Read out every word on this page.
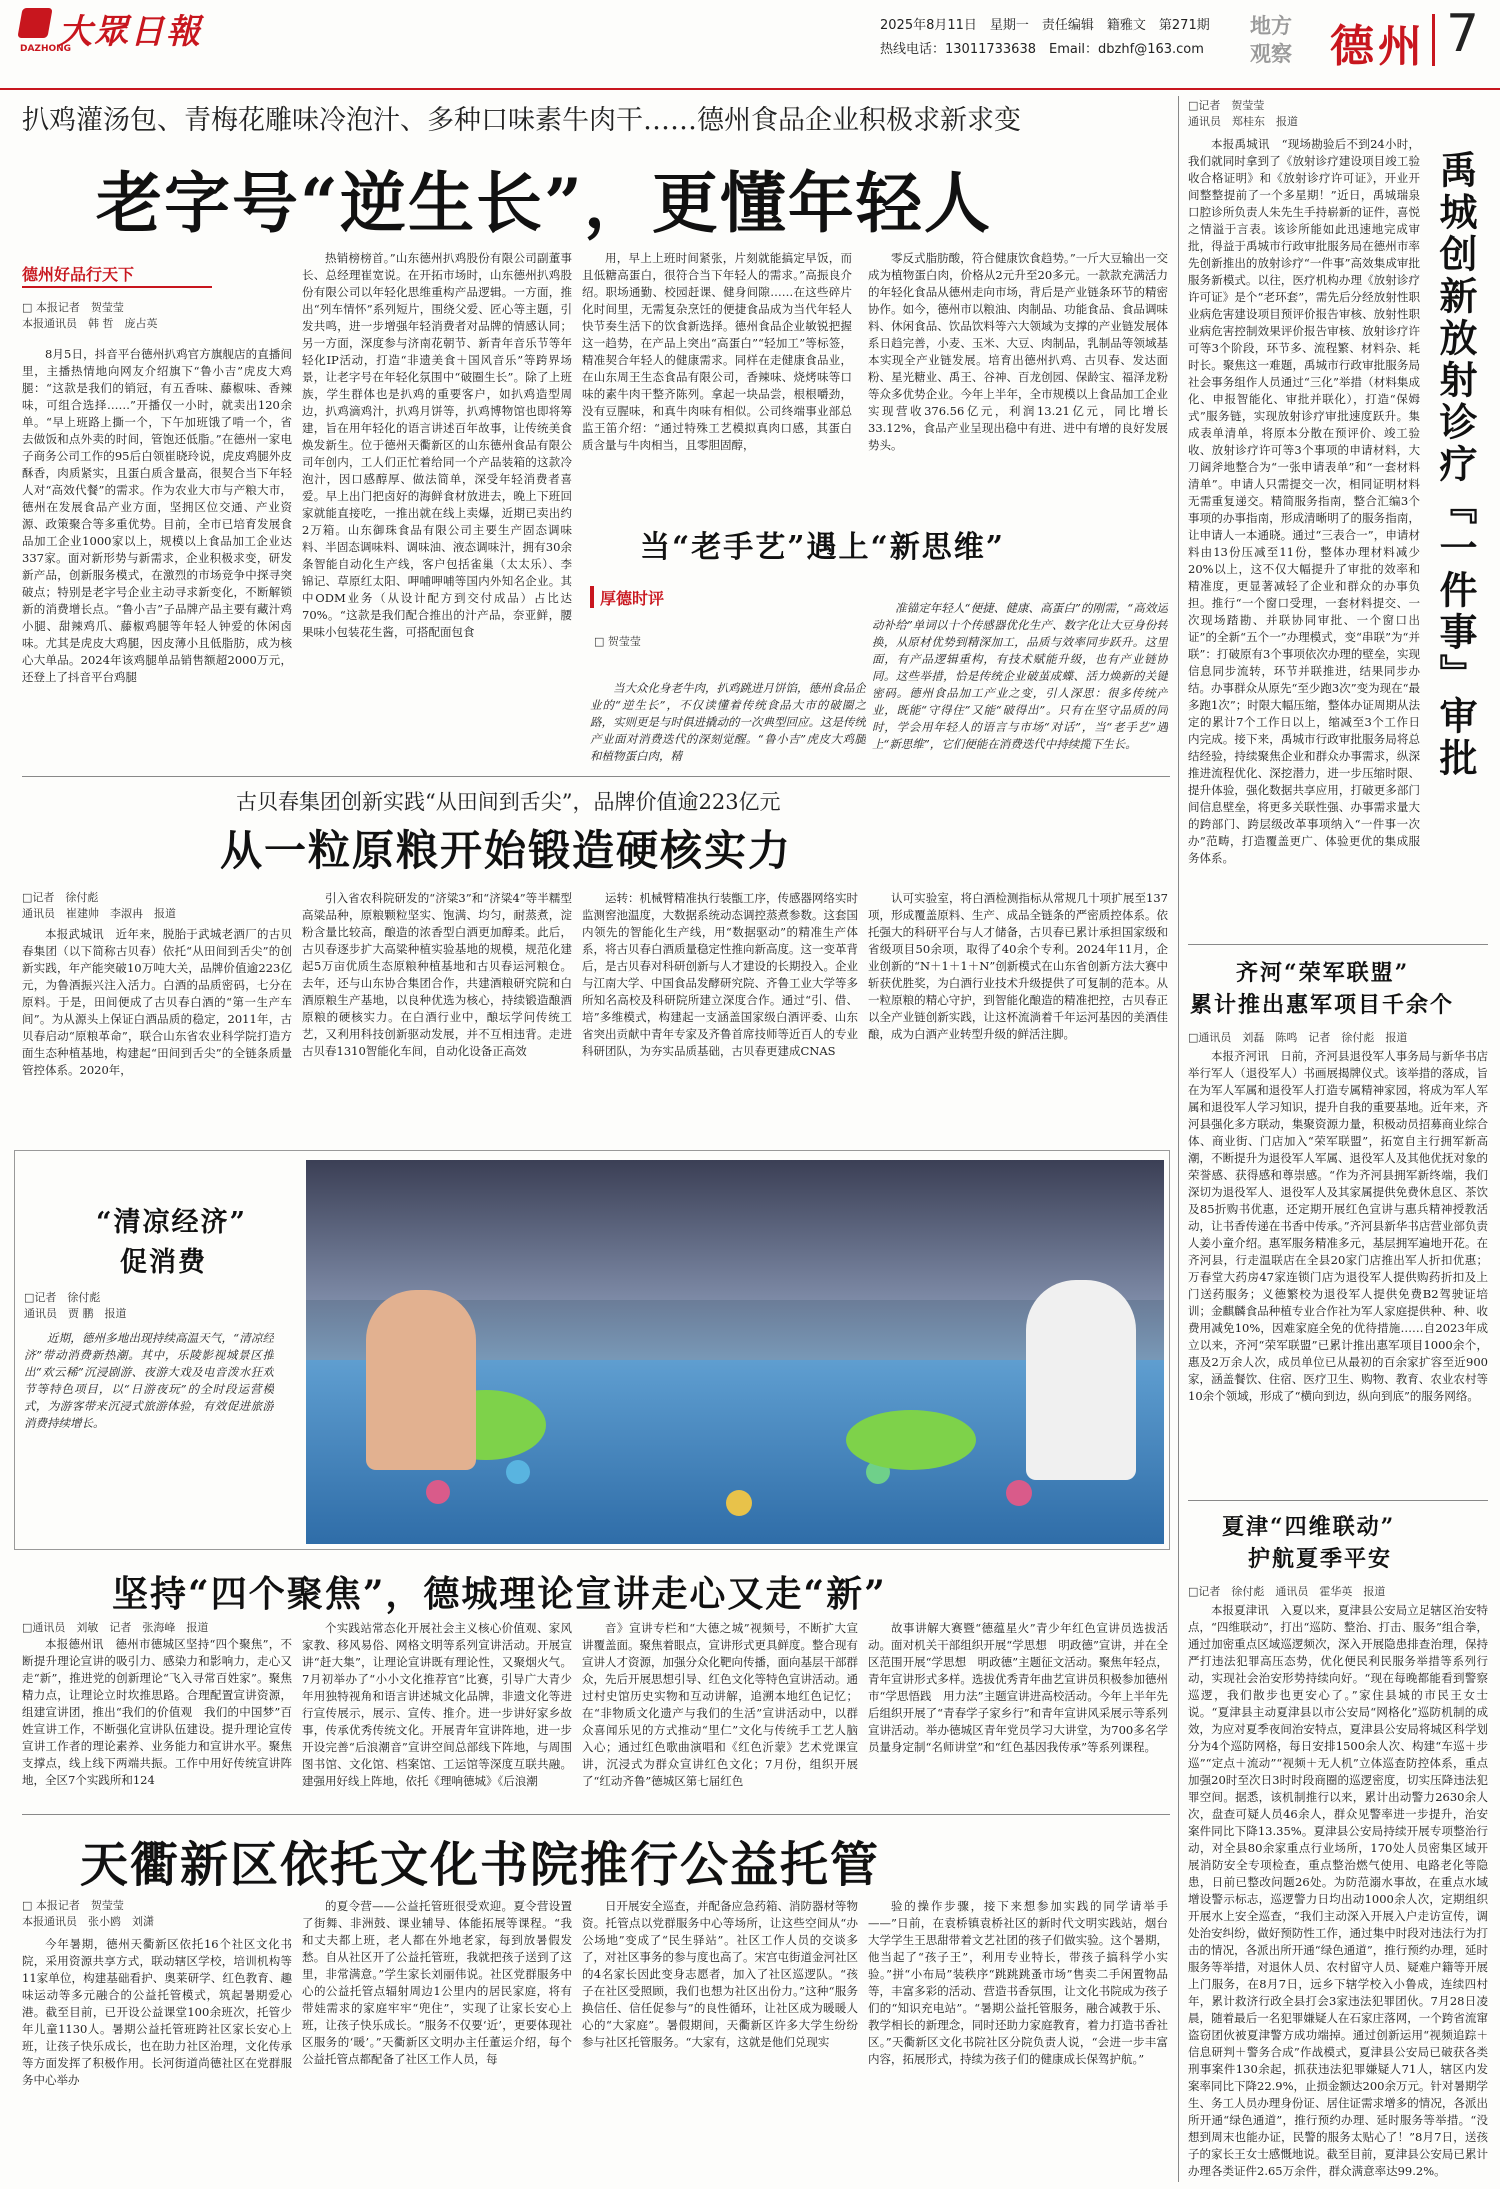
大眾日報
DAZHONG
2025年8月11日　星期一　责任编辑　籍雅文　第271期
热线电话：13011733638　Email：dbzhf@163.com
地方
观察 德州 7
扒鸡灌汤包、青梅花雕味冷泡汁、多种口味素牛肉干……德州食品企业积极求新求变
老字号“逆生长”，更懂年轻人
德州好品行天下
□ 本报记者　贺莹莹
本报通讯员　韩 哲　庞占英

8月5日，抖音平台德州扒鸡官方旗舰店的直播间里，主播热情地向网友介绍旗下“鲁小吉”虎皮大鸡腿：“这款是我们的销冠，有五香味、藤椒味、香辣味，可组合选择……”开播仅一小时，就卖出120余单。“早上班路上撕一个，下午加班饿了啃一个，省去做饭和点外卖的时间，管饱还低脂。”在德州一家电子商务公司工作的95后白领崔晓玲说，虎皮鸡腿外皮酥香，肉质紧实，且蛋白质含量高，很契合当下年轻人对“高效代餐”的需求。作为农业大市与产粮大市，德州在发展食品产业方面，坚拥区位交通、产业资源、政策聚合等多重优势。目前，全市已培育发展食品加工企业1000家以上，规模以上食品加工企业达337家。面对新形势与新需求，企业积极求变，研发新产品，创新服务模式，在激烈的市场竞争中探寻突破点；特别是老字号企业主动寻求新变化，不断解锁新的消费增长点。“鲁小吉”子品牌产品主要有藏汁鸡小腿、甜辣鸡爪、藤椒鸡腿等年轻人钟爱的休闲卤味。尤其是虎皮大鸡腿，因皮薄小且低脂肪，成为核心大单品。2024年该鸡腿单品销售额超2000万元，还登上了抖音平台鸡腿

热销榜榜首。”山东德州扒鸡股份有限公司副董事长、总经理崔宽说。在开拓市场时，山东德州扒鸡股份有限公司以年轻化思维重构产品逻辑。一方面，推出“列车情怀”系列短片，围绕父爱、匠心等主题，引发共鸣，进一步增强年轻消费者对品牌的情感认同；另一方面，深度参与济南花朝节、新青年音乐节等年轻化IP活动，打造“非遗美食＋国风音乐”等跨界场景，让老字号在年轻化氛围中“破圈生长”。除了上班族，学生群体也是扒鸡的重要客户，如扒鸡造型周边，扒鸡滴鸡汁，扒鸡月饼等，扒鸡博物馆也即将筹建，旨在用年轻化的语言讲述百年故事，让传统美食焕发新生。位于德州天衢新区的山东德州食品有限公司年创内，工人们正忙着给同一个产品装箱的这款冷泡汁，因口感醇厚、做法简单，深受年轻消费者喜爱。早上出门把卤好的海鲜食材放进去，晚上下班回家就能直接吃，一推出就在线上卖爆，近期已卖出约2万箱。山东御珠食品有限公司主要生产固态调味料、半固态调味料、调味油、液态调味汁，拥有30余条智能自动化生产线，客户包括雀巢（太太乐）、李锦记、草原红太阳、呷哺呷哺等国内外知名企业。其中ODM业务（从设计配方到交付成品）占比达70%。“这款是我们配合推出的汁产品，奈亚鲜，腰果味小包装花生酱，可搭配面包食

用，早上上班时间紧张，片刻就能搞定早饭，而且低糖高蛋白，很符合当下年轻人的需求。”高振良介绍。职场通勤、校园赶课、健身间隙……在这些碎片化时间里，无需复杂烹饪的便捷食品成为当代年轻人快节奏生活下的饮食新选择。德州食品企业敏锐把握这一趋势，在产品上突出“高蛋白”“轻加工”等标签，精准契合年轻人的健康需求。同样在走健康食品业，在山东周王生态食品有限公司，香辣味、烧烤味等口味的素牛肉干整齐陈列。拿起一块品尝，根根嚼劲，没有豆腥味，和真牛肉味有相似。公司终端事业部总监王笛介绍：“通过特殊工艺模拟真肉口感，其蛋白质含量与牛肉相当，且零胆固醇，

零反式脂肪酸，符合健康饮食趋势。”一斤大豆输出一交成为植物蛋白肉，价格从2元升至20多元。一款款充满活力的年轻化食品从德州走向市场，背后是产业链条环节的精密协作。如今，德州市以粮油、肉制品、功能食品、食品调味料、休闲食品、饮品饮料等六大领域为支撑的产业链发展体系日趋完善，小麦、玉米、大豆、肉制品，乳制品等领域基本实现全产业链发展。培育出德州扒鸡、古贝春、发达面粉、星光糖业、禹王、谷神、百龙创园、保龄宝、福泽龙粉等众多优势企业。今年上半年，全市规模以上食品加工企业实现营收376.56亿元，利润13.21亿元，同比增长33.12%，食品产业呈现出稳中有进、进中有增的良好发展势头。

当“老手艺”遇上“新思维”
厚德时评
□ 贺莹莹

当大众化身老牛肉，扒鸡跳进月饼馅，德州食品企业的“逆生长”，不仅读懂着传统食品大市的破圈之路，实则更是与时俱进撬动的一次典型回应。这是传统产业面对消费迭代的深刻觉醒。“鲁小吉”虎皮大鸡腿和植物蛋白肉，精

准锚定年轻人“便捷、健康、高蛋白”的刚需，“高效运动补给”单词以十个传感器优化生产、数字化让大豆身份转换，从原材优势到精深加工，品质与效率同步跃升。这里面，有产品逻辑重构，有技术赋能升级，也有产业链协同。这些举措，恰是传统企业破茧成蝶、活力焕新的关键密码。德州食品加工产业之变，引人深思：很多传统产业，既能“守得住”又能“破得出”。只有在坚守品质的同时，学会用年轻人的语言与市场“对话”，当“老手艺”遇上“新思维”，它们便能在消费迭代中持续揽下生长。

古贝春集团创新实践“从田间到舌尖”，品牌价值逾223亿元
从一粒原粮开始锻造硬核实力
□记者　徐付彪
通讯员　崔建帅　李淑冉　报道

本报武城讯　近年来，脱胎于武城老酒厂的古贝春集团（以下简称古贝春）依托“从田间到舌尖”的创新实践，年产能突破10万吨大关，品牌价值逾223亿元，为鲁酒振兴注入活力。白酒的品质密码，七分在原料。于是，田间便成了古贝春白酒的“第一生产车间”。为从源头上保证白酒品质的稳定，2011年，古贝春启动“原粮革命”，联合山东省农业科学院打造方面生态种植基地，构建起“田间到舌尖”的全链条质量管控体系。2020年，

引入省农科院研发的“济粱3”和“济粱4”等半糯型高粱品种，原粮颗粒坚实、饱满、均匀，耐蒸煮，淀粉含量比较高，酿造的浓香型白酒更加醇柔。此后，古贝春逐步扩大高粱种植实验基地的规模，规范化建起5万亩优质生态原粮种植基地和古贝春运河粮仓。去年，还与山东协合集团合作，共建酒粮研究院和白酒原粮生产基地，以良种优选为核心，持续锻造酿酒原粮的硬核实力。在白酒行业中，酿坛学问传统工艺，又利用科技创新驱动发展，并不互相违背。走进古贝春1310智能化车间，自动化设备正高效

运转：机械臂精准执行装甑工序，传感器网络实时监测窖池温度，大数据系统动态调控蒸煮参数。这套国内领先的智能化生产线，用“数据驱动”的精准生产体系，将古贝春白酒质量稳定性推向新高度。这一变革背后，是古贝春对科研创新与人才建设的长期投入。企业与江南大学、中国食品发酵研究院、齐鲁工业大学等多所知名高校及科研院所建立深度合作。通过“引、借、培”多维模式，构建起一支涵盖国家级白酒评委、山东省突出贡献中青年专家及齐鲁首席技师等近百人的专业科研团队，为夯实品质基础，古贝春更建成CNAS

认可实验室，将白酒检测指标从常规几十项扩展至137项，形成覆盖原料、生产、成品全链条的严密质控体系。依托强大的科研平台与人才储备，古贝春已累计承担国家级和省级项目50余项，取得了40余个专利。2024年11月，企业创新的“N＋1＋1＋N”创新模式在山东省创新方法大赛中斩获优胜奖，为白酒行业技术升级提供了可复制的范本。从一粒原粮的精心守护，到智能化酿造的精准把控，古贝春正以全产业链创新实践，让这杯流淌着千年运河基因的美酒佳酿，成为白酒产业转型升级的鲜活注脚。

“清凉经济”
促消费
□记者　徐付彪
通讯员　贾 鹏　报道

近期，德州多地出现持续高温天气，“清凉经济”带动消费新热潮。其中，乐陵影视城景区推出“欢云稀”沉浸剧游、夜游大戏及电音泼水狂欢节等特色项目，以“日游夜玩”的全时段运营模式，为游客带来沉浸式旅游体验，有效促进旅游消费持续增长。

坚持“四个聚焦”，德城理论宣讲走心又走“新”
□通讯员　刘敏　记者　张海峰　报道

本报德州讯　德州市德城区坚持“四个聚焦”，不断提升理论宣讲的吸引力、感染力和影响力，走心又走“新”，推进党的创新理论“飞入寻常百姓家”。聚焦精力点，让理论立时坎推思路。合理配置宣讲资源，组建宣讲团，推出“我们的价值观　我们的中国梦”百姓宣讲工作，不断强化宣讲队伍建设。提升理论宣传宣讲工作者的理论素养、业务能力和宣讲水平。聚焦支撑点，线上线下两端共振。工作中用好传统宣讲阵地，全区7个实践所和124

个实践站常态化开展社会主义核心价值观、家风家教、移风易俗、网格文明等系列宣讲活动。开展宣讲“赶大集”，让理论宣讲既有理论性，又聚烟火气。7月初举办了“小小文化推荐官”比赛，引导广大青少年用独特视角和语言讲述城文化品牌，非遗文化等进行宣传展示，展示、宣传、推介。进一步讲好家乡故事，传承优秀传统文化。开展青年宣讲阵地，进一步开设完善“后浪潮音”宣讲空间总部线下阵地，与周围图书馆、文化馆、档案馆、工运馆等深度互联共融。建强用好线上阵地，依托《理响德城》《后浪潮

音》宣讲专栏和“大德之城”视频号，不断扩大宣讲覆盖面。聚焦着眼点，宣讲形式更具鲜度。整合现有宣讲人才资源，加强分众化靶向传播，面向基层干部群众，先后开展思想引导、红色文化等特色宣讲活动。通过村史馆历史实物和互动讲解，追溯本地红色记忆；在“非物质文化遗产与我们的生活”宣讲活动中，以群众喜闻乐见的方式推动“里仁”文化与传统手工艺人脑入心；通过红色歌曲演唱和《红色沂蒙》艺术党课宣讲，沉浸式为群众宣讲红色文化；7月份，组织开展了“红动齐鲁”德城区第七届红色

故事讲解大赛暨“德蕴星火”青少年红色宣讲员选拔活动。面对机关干部组织开展“学思想　明政德”宣讲，并在全区范围开展“学思想　明政德”主题征文活动。聚焦年轻点，青年宣讲形式多样。选拔优秀青年曲艺宣讲员积极参加德州市“学思悟践　用力法”主题宣讲进高校活动。今年上半年先后组织开展了“青春学子家乡行”和青年宣讲风采展示等系列宣讲活动。举办德城区青年党员学习大讲堂，为700多名学员量身定制“名师讲堂”和“红色基因我传承”等系列课程。

天衢新区依托文化书院推行公益托管
□ 本报记者　贺莹莹
本报通讯员　张小鸥　刘潇

今年暑期，德州天衢新区依托16个社区文化书院，采用资源共享方式，联动辖区学校，培训机构等11家单位，构建基础看护、奥莱研学、红色教育、趣味运动等多元融合的公益托管模式，筑起暑期爱心港。截至目前，已开设公益课堂100余班次，托管少年儿童1130人。暑期公益托管班跨社区家长安心上班，让孩子快乐成长，也在助力社区治理，文化传承等方面发挥了积极作用。长河街道尚德社区在党群服务中心举办

的夏令营——公益托管班很受欢迎。夏令营设置了街舞、非洲鼓、课业辅导、体能拓展等课程。“我和丈夫都上班，老人都在外地老家，每到放暑假发愁。自从社区开了公益托管班，我就把孩子送到了这里，非常满意。”学生家长刘丽伟说。社区党群服务中心的公益托管点辐射周边1公里内的居民家庭，将有带娃需求的家庭牢牢“兜住”，实现了让家长安心上班，让孩子快乐成长。“服务不仅要‘近’，更要体现社区服务的‘暖’。”天衢新区文明办主任董运介绍，每个公益托管点都配备了社区工作人员，每

日开展安全巡查，并配备应急药箱、消防器材等物资。托管点以党群服务中心等场所，让这些空间从“办公场地”变成了“民生驿站”。社区工作人员的交谈多了，对社区事务的参与度也高了。宋宫屯街道金河社区的4名家长因此变身志愿者，加入了社区巡逻队。“孩子在社区受照顾，我们也想为社区出份力。”这种“服务换信任、信任促参与”的良性循环，让社区成为暖暖人心的“大家庭”。暑假期间，天衢新区许多大学生纷纷参与社区托管服务。“大家有，这就是他们兑现实

验的操作步骤，接下来想参加实践的同学请举手——”日前，在袁桥镇袁桥社区的新时代文明实践站，烟台大学学生王思甜带着文艺社团的孩子们做实验。这个暑期，他当起了“孩子王”，利用专业特长，带孩子搞科学小实验。”拼“小布局”装秩序“跳跳跳蚤市场”售卖二手闲置物品等，丰富多彩的活动、营造书香氛围，让文化书院成为孩子们的“知识充电站”。“暑期公益托管服务，融合减教于乐、教学相长的新理念，同时还助力家庭教育，着力打造书香社区。”天衢新区文化书院社区分院负责人说，“会进一步丰富内容，拓展形式，持续为孩子们的健康成长保驾护航。”

□记者　贺莹莹
通讯员　郑桂东　报道

本报禹城讯　“现场勘验后不到24小时，我们就同时拿到了《放射诊疗建设项目竣工验收合格证明》和《放射诊疗许可证》，开业开间整整提前了一个多星期！”近日，禹城瑞泉口腔诊所负责人朱先生手持崭新的证件，喜悦之情溢于言表。该诊所能如此迅速地完成审批，得益于禹城市行政审批服务局在德州市率先创新推出的放射诊疗“一件事”高效集成审批服务新模式。以往，医疗机构办理《放射诊疗许可证》是个“老环套”，需先后分经放射性职业病危害建设项目预评价报告审核、放射性职业病危害控制效果评价报告审核、放射诊疗许可等3个阶段，环节多、流程繁、材料杂、耗时长。聚焦这一难题，禹城市行政审批服务局社会事务组作人员通过“三化”举措（材料集成化、申报智能化、审批并联化），打造“保姆式”服务链，实现放射诊疗审批速度跃升。集成表单清单，将原本分散在预评价、竣工验收、放射诊疗许可等3个事项的申请材料，大刀阔斧地整合为“一张申请表单”和“一套材料清单”。申请人只需提交一次，相同证明材料无需重复递交。精简服务指南，整合汇编3个事项的办事指南，形成清晰明了的服务指南，让申请人一本通晓。通过“三表合一”，申请材料由13份压减至11份，整体办理材料减少20%以上，这不仅大幅提升了审批的效率和精准度，更显著减轻了企业和群众的办事负担。推行“一个窗口受理，一套材料提交、一次现场踏勘、并联协同审批、一个窗口出证”的全新“五个一”办理模式，变“串联”为“并联”：打破原有3个事项依次办理的壁垒，实现信息同步流转，环节并联推进，结果同步办结。办事群众从原先“至少跑3次”变为现在“最多跑1次”；时限大幅压缩，整体办证周期从法定的累计7个工作日以上，缩减至3个工作日内完成。接下来，禹城市行政审批服务局将总结经验，持续聚焦企业和群众办事需求，纵深推进流程优化、深挖潜力，进一步压缩时限、提升体验，强化数据共享应用，打破更多部门间信息壁垒，将更多关联性强、办事需求量大的跨部门、跨层级改革事项纳入“一件事一次办”范畴，打造覆盖更广、体验更优的集成服务体系。

禹城创新放射诊疗『一件事』审批
齐河“荣军联盟”
累计推出惠军项目千余个
□通讯员　刘磊　陈鸣　记者　徐付彪　报道

本报齐河讯　日前，齐河县退役军人事务局与新华书店举行军人（退役军人）书画展揭牌仪式。该举措的落成，旨在为军人军属和退役军人打造专属精神家园，将成为军人军属和退役军人学习知识，提升自我的重要基地。近年来，齐河县强化多方联动，集聚资源力量，积极动员招募商业综合体、商业街、门店加入“荣军联盟”，拓宽自主行拥军新高潮，不断提升为退役军人军属、退役军人及其他优抚对象的荣誉感、获得感和尊崇感。“作为齐河县拥军新终端，我们深切为退役军人、退役军人及其家属提供免费休息区、茶饮及85折购书优惠，还定期开展红色宣讲与惠兵精神授教活动，让书香传递在书香中传承。”齐河县新华书店营业部负责人姜小童介绍。惠军服务精准多元，基层拥军遍地开花。在齐河县，行走温联店在全县20家门店推出军人折扣优惠；万春堂大药房47家连锁门店为退役军人提供购药折扣及上门送药服务；义德繁校为退役军人提供免费B2驾驶证培训；金麒麟食品种植专业合作社为军人家庭提供种、种、收费用减免10%，因难家庭全免的优待措施……自2023年成立以来，齐河“荣军联盟”已累计推出惠军项目1000余个，惠及2万余人次，成员单位已从最初的百余家扩容至近900家，涵盖餐饮、住宿、医疗卫生、购物、教育、农业农村等10余个领域，形成了“横向到边，纵向到底”的服务网络。

夏津“四维联动”
护航夏季平安
□记者　徐付彪　通讯员　霍华英　报道

本报夏津讯　入夏以来，夏津县公安局立足辖区治安特点，“四维联动”，打出“巡防、整治、打击、服务”组合拳，通过加密重点区域巡逻频次，深入开展隐患排查治理，保持严打违法犯罪高压态势，优化便民利民服务举措等系列行动，实现社会治安形势持续向好。“现在每晚都能看到警察巡逻，我们散步也更安心了。”家住县城的市民王女士说。“夏津县主动夏津县以市公安局“网格化”巡防机制的成效，为应对夏季夜间治安特点，夏津县公安局将城区科学划分为4个巡防网格，每日安排1500余人次、构建“车巡＋步巡”“定点＋流动”“视频＋无人机”立体巡查防控体系，重点加强20时至次日3时时段商圈的巡逻密度，切实压降违法犯罪空间。据悉，该机制推行以来，累计出动警力2630余人次，盘查可疑人员46余人，群众见警率进一步提升，治安案件同比下降13.35%。夏津县公安局持续开展专项整治行动，对全县80余家重点行业场所，170处人员密集区域开展消防安全专项检查，重点整治燃气使用、电路老化等隐患，日前已整改问题26处。为防范溺水事故，在重点水域增设警示标志，巡逻警力日均出动1000余人次，定期组织开展水上安全巡查，“我们主动深入开展入户走访宣传，调处治安纠纷，做好预防性工作，通过集中时段对违法行为打击的情况，各派出所开通“绿色通道”，推行预约办理，延时服务等举措，对退休人员、农村留守人员、疑难户籍等开展上门服务，在8月7日，远乡下辖学校入小鲁成，连续四村年，累计救济行政全县打会3家违法犯罪团伙。7月28日凌晨，随着最后一名犯罪嫌疑人在石家庄落网，一个跨省流窜盗窃团伙被夏津警方成功端掉。通过创新运用“视频追踪＋信息研判＋警务合成”作战模式，夏津县公安局已破获各类刑事案件130余起，抓获违法犯罪嫌疑人71人，辖区内发案率同比下降22.9%，止损金额达200余万元。针对暑期学生、务工人员办理身份证、居住证需求增多的情况，各派出所开通“绿色通道”，推行预约办理、延时服务等举措。“没想到周末也能办证，民警的服务太贴心了！”8月7日，送孩子的家长王女士感慨地说。截至目前，夏津县公安局已累计办理各类证件2.65万余件，群众满意率达99.2%。
